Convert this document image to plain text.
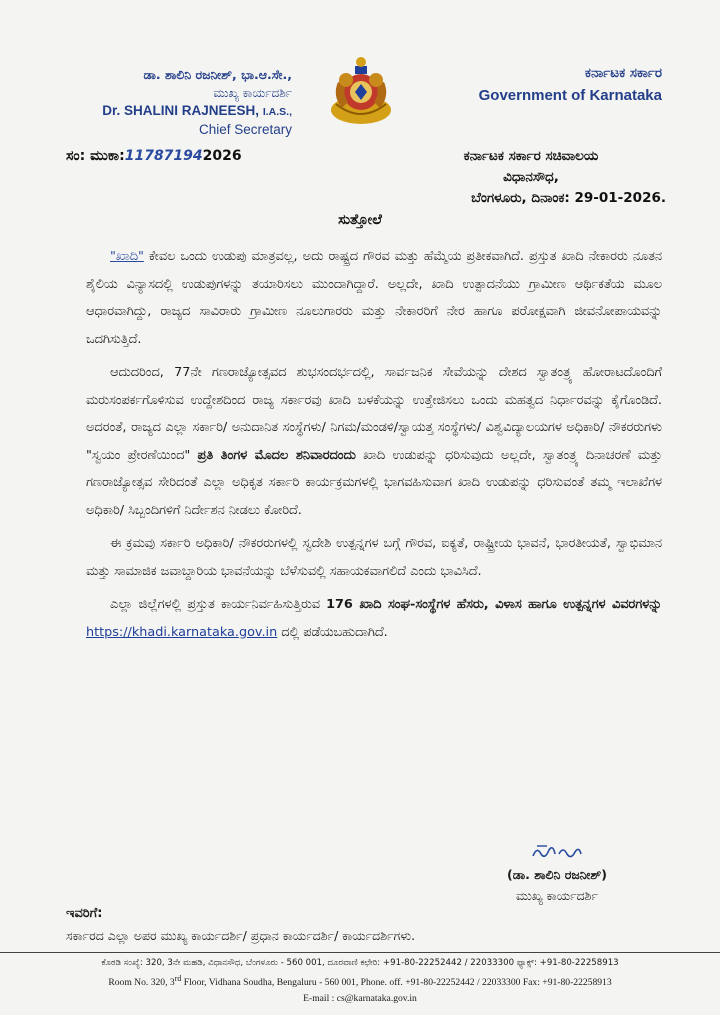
ಡಾ. ಶಾಲಿನಿ ರಜನೀಶ್, ಭಾ.ಆ.ಸೇ.,
ಮುಖ್ಯ ಕಾರ್ಯದರ್ಶಿ
Dr. SHALINI RAJNEESH, I.A.S.,
Chief Secretary
ಸಂ: ಮುಕಾ:117871942026
ಕರ್ನಾಟಕ ಸರ್ಕಾರ
Government of Karnataka
ಕರ್ನಾಟಕ ಸರ್ಕಾರ ಸಚಿವಾಲಯ
ವಿಧಾನಸೌಧ,
ಬೆಂಗಳೂರು, ದಿನಾಂಕ: 29-01-2026.
ಸುತ್ತೋಲೆ

"ಖಾದಿ" ಕೇವಲ ಒಂದು ಉಡುಪು ಮಾತ್ರವಲ್ಲ, ಅದು ರಾಷ್ಟ್ರದ ಗೌರವ ಮತ್ತು ಹೆಮ್ಮೆಯ ಪ್ರತೀಕವಾಗಿದೆ. ಪ್ರಸ್ತುತ ಖಾದಿ ನೇಕಾರರು ನೂತನ ಶೈಲಿಯ ವಿನ್ಯಾಸದಲ್ಲಿ ಉಡುಪುಗಳನ್ನು ತಯಾರಿಸಲು ಮುಂದಾಗಿದ್ದಾರೆ. ಅಲ್ಲದೇ, ಖಾದಿ ಉತ್ಪಾದನೆಯು ಗ್ರಾಮೀಣ ಆರ್ಥಿಕತೆಯ ಮೂಲ ಆಧಾರವಾಗಿದ್ದು, ರಾಜ್ಯದ ಸಾವಿರಾರು ಗ್ರಾಮೀಣ ನೂಲುಗಾರರು ಮತ್ತು ನೇಕಾರರಿಗೆ ನೇರ ಹಾಗೂ ಪರೋಕ್ಷವಾಗಿ ಜೀವನೋಪಾಯವನ್ನು ಒದಗಿಸುತ್ತಿದೆ.

ಆದುದರಿಂದ, 77ನೇ ಗಣರಾಜ್ಯೋತ್ಸವದ ಶುಭಸಂದರ್ಭದಲ್ಲಿ, ಸಾರ್ವಜನಿಕ ಸೇವೆಯನ್ನು ದೇಶದ ಸ್ವಾತಂತ್ರ್ಯ ಹೋರಾಟದೊಂದಿಗೆ ಮರುಸಂಪರ್ಕಗೊಳಿಸುವ ಉದ್ದೇಶದಿಂದ ರಾಜ್ಯ ಸರ್ಕಾರವು ಖಾದಿ ಬಳಕೆಯನ್ನು ಉತ್ತೇಜಿಸಲು ಒಂದು ಮಹತ್ವದ ನಿರ್ಧಾರವನ್ನು ಕೈಗೊಂಡಿದೆ. ಅದರಂತೆ, ರಾಜ್ಯದ ಎಲ್ಲಾ ಸರ್ಕಾರಿ/ ಅನುದಾನಿತ ಸಂಸ್ಥೆಗಳು/ ನಿಗಮ/ಮಂಡಳಿ/ಸ್ವಾಯತ್ತ ಸಂಸ್ಥೆಗಳು/ ವಿಶ್ವವಿದ್ಯಾಲಯಗಳ ಅಧಿಕಾರಿ/ ನೌಕರರುಗಳು "ಸ್ವಯಂ ಪ್ರೇರಣೆಯಿಂದ" ಪ್ರತಿ ತಿಂಗಳ ಮೊದಲ ಶನಿವಾರದಂದು ಖಾದಿ ಉಡುಪನ್ನು ಧರಿಸುವುದು ಅಲ್ಲದೇ, ಸ್ವಾತಂತ್ರ್ಯ ದಿನಾಚರಣೆ ಮತ್ತು ಗಣರಾಜ್ಯೋತ್ಸವ ಸೇರಿದಂತೆ ಎಲ್ಲಾ ಅಧಿಕೃತ ಸರ್ಕಾರಿ ಕಾರ್ಯಕ್ರಮಗಳಲ್ಲಿ ಭಾಗವಹಿಸುವಾಗ ಖಾದಿ ಉಡುಪನ್ನು ಧರಿಸುವಂತೆ ತಮ್ಮ ಇಲಾಖೆಗಳ ಅಧಿಕಾರಿ/ ಸಿಬ್ಬಂದಿಗಳಿಗೆ ನಿರ್ದೇಶನ ನೀಡಲು ಕೋರಿದೆ.

ಈ ಕ್ರಮವು ಸರ್ಕಾರಿ ಅಧಿಕಾರಿ/ ನೌಕರರುಗಳಲ್ಲಿ ಸ್ವದೇಶಿ ಉತ್ಪನ್ನಗಳ ಬಗ್ಗೆ ಗೌರವ, ಐಕ್ಯತೆ, ರಾಷ್ಟ್ರೀಯ ಭಾವನೆ, ಭಾರತೀಯತೆ, ಸ್ವಾಭಿಮಾನ ಮತ್ತು ಸಾಮಾಜಿಕ ಜವಾಬ್ದಾರಿಯ ಭಾವನೆಯನ್ನು ಬೆಳೆಸುವಲ್ಲಿ ಸಹಾಯಕವಾಗಲಿದೆ ಎಂದು ಭಾವಿಸಿದೆ.

ಎಲ್ಲಾ ಜಿಲ್ಲೆಗಳಲ್ಲಿ ಪ್ರಸ್ತುತ ಕಾರ್ಯನಿರ್ವಹಿಸುತ್ತಿರುವ 176 ಖಾದಿ ಸಂಘ-ಸಂಸ್ಥೆಗಳ ಹೆಸರು, ವಿಳಾಸ ಹಾಗೂ ಉತ್ಪನ್ನಗಳ ವಿವರಗಳನ್ನು https://khadi.karnataka.gov.in ದಲ್ಲಿ ಪಡೆಯಬಹುದಾಗಿದೆ.

(ಡಾ. ಶಾಲಿನಿ ರಜನೀಶ್)
ಮುಖ್ಯ ಕಾರ್ಯದರ್ಶಿ
ಇವರಿಗೆ:
ಸರ್ಕಾರದ ಎಲ್ಲಾ ಅಪರ ಮುಖ್ಯ ಕಾರ್ಯದರ್ಶಿ/ ಪ್ರಧಾನ ಕಾರ್ಯದರ್ಶಿ/ ಕಾರ್ಯದರ್ಶಿಗಳು.
ಕೊಠಡಿ ಸಂಖ್ಯೆ: 320, 3ನೇ ಮಹಡಿ, ವಿಧಾನಸೌಧ, ಬೆಂಗಳೂರು - 560 001, ದೂರವಾಣಿ ಕಛೇರಿ: +91-80-22252442 / 22033300 ಫ್ಯಾಕ್ಸ್: +91-80-22258913
Room No. 320, 3rd Floor, Vidhana Soudha, Bengaluru - 560 001, Phone. off. +91-80-22252442 / 22033300 Fax: +91-80-22258913
E-mail : cs@karnataka.gov.in
